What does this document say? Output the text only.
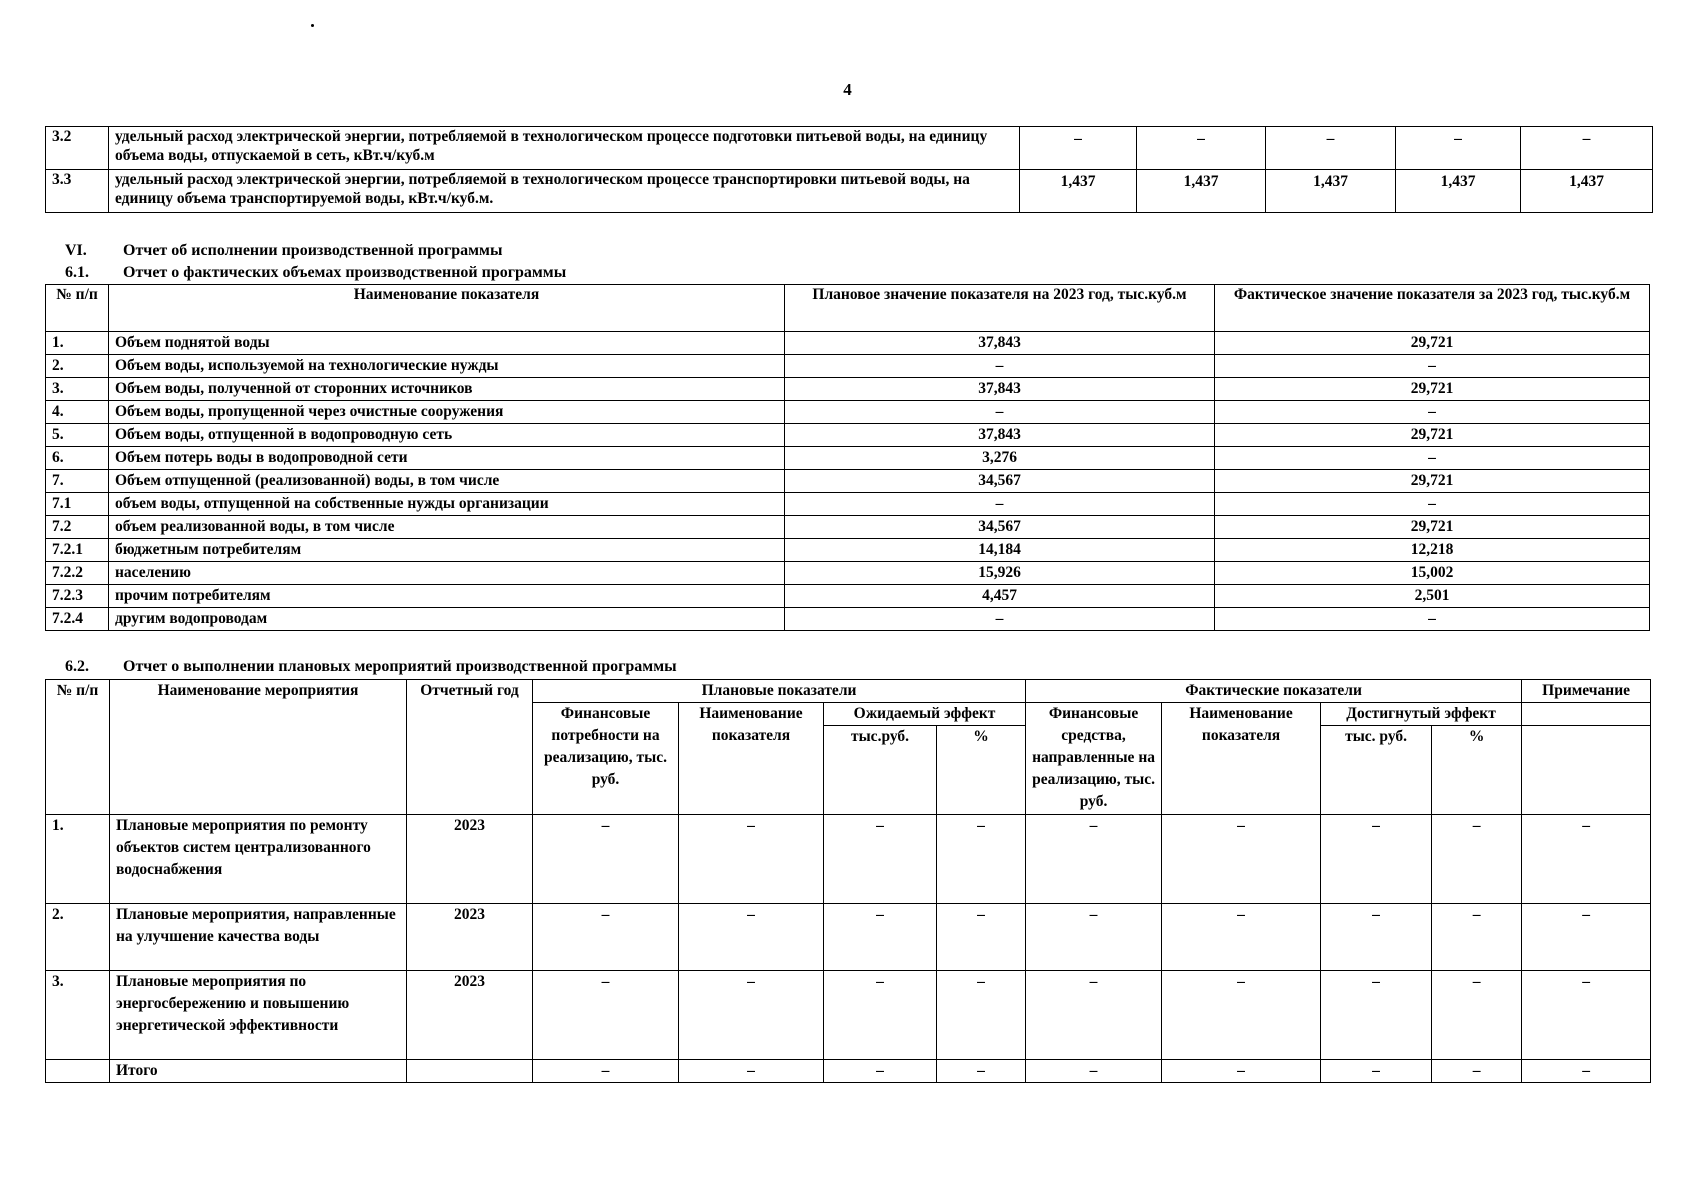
4
3.2	удельный расход электрической энергии, потребляемой в технологическом процессе подготовки питьевой воды, на единицу объема воды, отпускаемой в сеть, кВт.ч/куб.м	–	–	–	–	–
3.3	удельный расход электрической энергии, потребляемой в технологическом процессе транспортировки питьевой воды, на единицу объема транспортируемой воды, кВт.ч/куб.м.	1,437	1,437	1,437	1,437	1,437
VI. Отчет об исполнении производственной программы
6.1. Отчет о фактических объемах производственной программы
№ п/п	Наименование показателя	Плановое значение показателя на 2023 год, тыс.куб.м	Фактическое значение показателя за 2023 год, тыс.куб.м
1.	Объем поднятой воды	37,843	29,721
2.	Объем воды, используемой на технологические нужды	–	–
3.	Объем воды, полученной от сторонних источников	37,843	29,721
4.	Объем воды, пропущенной через очистные сооружения	–	–
5.	Объем воды, отпущенной в водопроводную сеть	37,843	29,721
6.	Объем потерь воды в водопроводной сети	3,276	–
7.	Объем отпущенной (реализованной) воды, в том числе	34,567	29,721
7.1	объем воды, отпущенной на собственные нужды организации	–	–
7.2	объем реализованной воды, в том числе	34,567	29,721
7.2.1	бюджетным потребителям	14,184	12,218
7.2.2	населению	15,926	15,002
7.2.3	прочим потребителям	4,457	2,501
7.2.4	другим водопроводам	–	–
6.2. Отчет о выполнении плановых мероприятий производственной программы
№ п/п	Наименование мероприятия	Отчетный год	Плановые показатели				Фактические показатели				Примечание
			Финансовые потребности на реализацию, тыс. руб.	Наименование показателя	Ожидаемый эффект		Финансовые средства, направленные на реализацию, тыс. руб.	Наименование показателя	Достигнутый эффект		
					тыс.руб.	%			тыс. руб.	%	
1.	Плановые мероприятия по ремонту объектов систем централизованного водоснабжения	2023	–	–	–	–	–	–	–	–	–
2.	Плановые мероприятия, направленные на улучшение качества воды	2023	–	–	–	–	–	–	–	–	–
3.	Плановые мероприятия по энергосбережению и повышению энергетической эффективности	2023	–	–	–	–	–	–	–	–	–
	Итого		–	–	–	–	–	–	–	–	–
